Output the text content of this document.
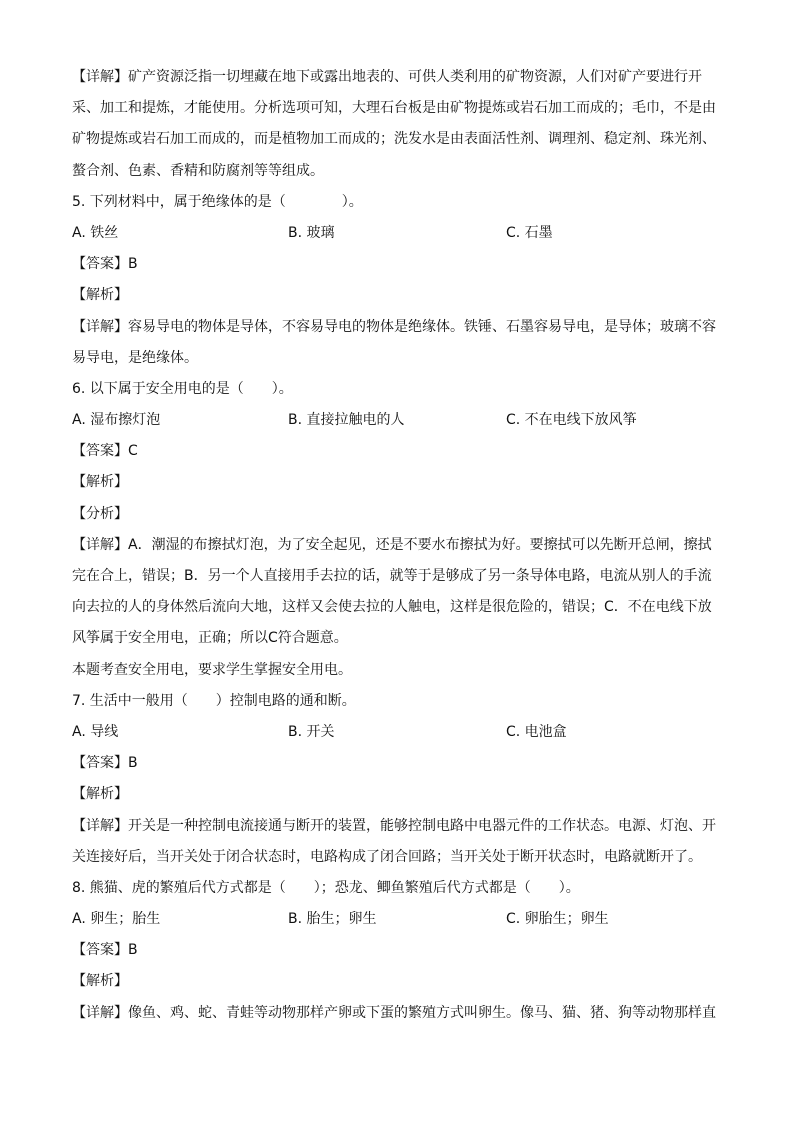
【详解】矿产资源泛指一切埋藏在地下或露出地表的、可供人类利用的矿物资源，人们对矿产要进行开
采、加工和提炼，才能使用。分析选项可知，大理石台板是由矿物提炼或岩石加工而成的；毛巾，不是由
矿物提炼或岩石加工而成的，而是植物加工而成的；洗发水是由表面活性剂、调理剂、稳定剂、珠光剂、
螯合剂、色素、香精和防腐剂等等组成。
5. 下列材料中，属于绝缘体的是（　　　　）。
A. 铁丝	B. 玻璃	C. 石墨
【答案】B
【解析】
【详解】容易导电的物体是导体，不容易导电的物体是绝缘体。铁锤、石墨容易导电，是导体；玻璃不容
易导电，是绝缘体。
6. 以下属于安全用电的是（　　）。
A. 湿布擦灯泡	B. 直接拉触电的人	C. 不在电线下放风筝
【答案】C
【解析】
【分析】
【详解】A．潮湿的布擦拭灯泡，为了安全起见，还是不要水布擦拭为好。要擦拭可以先断开总闸，擦拭
完在合上，错误；B．另一个人直接用手去拉的话，就等于是够成了另一条导体电路，电流从别人的手流
向去拉的人的身体然后流向大地，这样又会使去拉的人触电，这样是很危险的，错误；C．不在电线下放
风筝属于安全用电，正确；所以C符合题意。
本题考查安全用电，要求学生掌握安全用电。
7. 生活中一般用（　　）控制电路的通和断。
A. 导线	B. 开关	C. 电池盒
【答案】B
【解析】
【详解】开关是一种控制电流接通与断开的装置，能够控制电路中电器元件的工作状态。电源、灯泡、开
关连接好后，当开关处于闭合状态时，电路构成了闭合回路；当开关处于断开状态时，电路就断开了。
8. 熊猫、虎的繁殖后代方式都是（　　）；恐龙、鲫鱼繁殖后代方式都是（　　）。
A. 卵生；胎生	B. 胎生；卵生	C. 卵胎生；卵生
【答案】B
【解析】
【详解】像鱼、鸡、蛇、青蛙等动物那样产卵或下蛋的繁殖方式叫卵生。像马、猫、猪、狗等动物那样直
